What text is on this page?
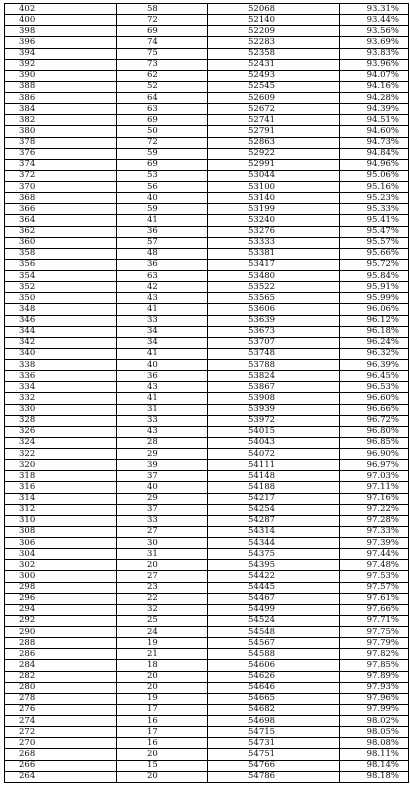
402	58	52068	93.31%
400	72	52140	93.44%
398	69	52209	93.56%
396	74	52283	93.69%
394	75	52358	93.83%
392	73	52431	93.96%
390	62	52493	94.07%
388	52	52545	94.16%
386	64	52609	94.28%
384	63	52672	94.39%
382	69	52741	94.51%
380	50	52791	94.60%
378	72	52863	94.73%
376	59	52922	94.84%
374	69	52991	94.96%
372	53	53044	95.06%
370	56	53100	95.16%
368	40	53140	95.23%
366	59	53199	95.33%
364	41	53240	95.41%
362	36	53276	95.47%
360	57	53333	95.57%
358	48	53381	95.66%
356	36	53417	95.72%
354	63	53480	95.84%
352	42	53522	95.91%
350	43	53565	95.99%
348	41	53606	96.06%
346	33	53639	96.12%
344	34	53673	96.18%
342	34	53707	96.24%
340	41	53748	96.32%
338	40	53788	96.39%
336	36	53824	96.45%
334	43	53867	96.53%
332	41	53908	96.60%
330	31	53939	96.66%
328	33	53972	96.72%
326	43	54015	96.80%
324	28	54043	96.85%
322	29	54072	96.90%
320	39	54111	96.97%
318	37	54148	97.03%
316	40	54188	97.11%
314	29	54217	97.16%
312	37	54254	97.22%
310	33	54287	97.28%
308	27	54314	97.33%
306	30	54344	97.39%
304	31	54375	97.44%
302	20	54395	97.48%
300	27	54422	97.53%
298	23	54445	97.57%
296	22	54467	97.61%
294	32	54499	97.66%
292	25	54524	97.71%
290	24	54548	97.75%
288	19	54567	97.79%
286	21	54588	97.82%
284	18	54606	97.85%
282	20	54626	97.89%
280	20	54646	97.93%
278	19	54665	97.96%
276	17	54682	97.99%
274	16	54698	98.02%
272	17	54715	98.05%
270	16	54731	98.08%
268	20	54751	98.11%
266	15	54766	98.14%
264	20	54786	98.18%
